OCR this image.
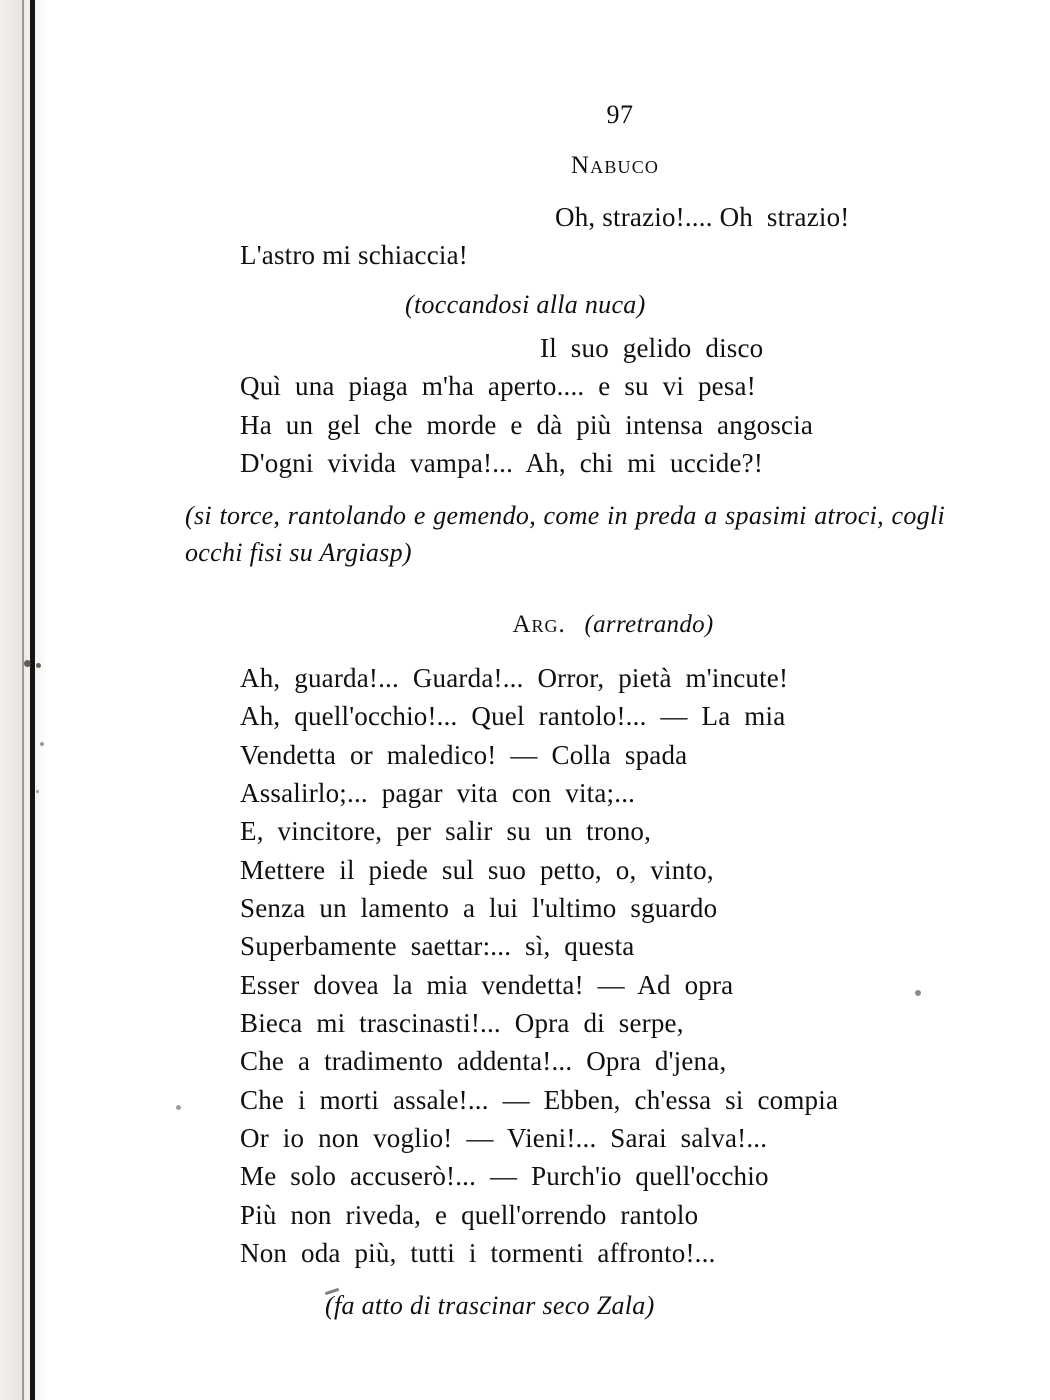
97
Nabuco
Oh, strazio!.... Oh  strazio!
L'astro mi schiaccia!
(toccandosi alla nuca)
Il  suo  gelido  disco
Quì  una  piaga  m'ha  aperto....  e  su  vi  pesa!
Ha  un  gel  che  morde  e  dà  più  intensa  angoscia
D'ogni  vivida  vampa!...  Ah,  chi  mi  uccide?!
(si torce, rantolando e gemendo, come in preda a spasimi atroci, cogli occhi fisi su Argiasp)
Arg. (arretrando)
Ah,  guarda!...  Guarda!...  Orror,  pietà  m'incute!
Ah,  quell'occhio!...  Quel  rantolo!...  —  La  mia
Vendetta  or  maledico!  —  Colla  spada
Assalirlo;...  pagar  vita  con  vita;...
E,  vincitore,  per  salir  su  un  trono,
Mettere  il  piede  sul  suo  petto,  o,  vinto,
Senza  un  lamento  a  lui  l'ultimo  sguardo
Superbamente  saettar:...  sì,  questa
Esser  dovea  la  mia  vendetta!  —  Ad  opra
Bieca  mi  trascinasti!...  Opra  di  serpe,
Che  a  tradimento  addenta!...  Opra  d'jena,
Che  i  morti  assale!...  —  Ebben,  ch'essa  si  compia
Or  io  non  voglio!  —  Vieni!...  Sarai  salva!...
Me  solo  accuserò!...  —  Purch'io  quell'occhio
Più  non  riveda,  e  quell'orrendo  rantolo
Non  oda  più,  tutti  i  tormenti  affronto!...
(fa atto di trascinar seco Zala)
